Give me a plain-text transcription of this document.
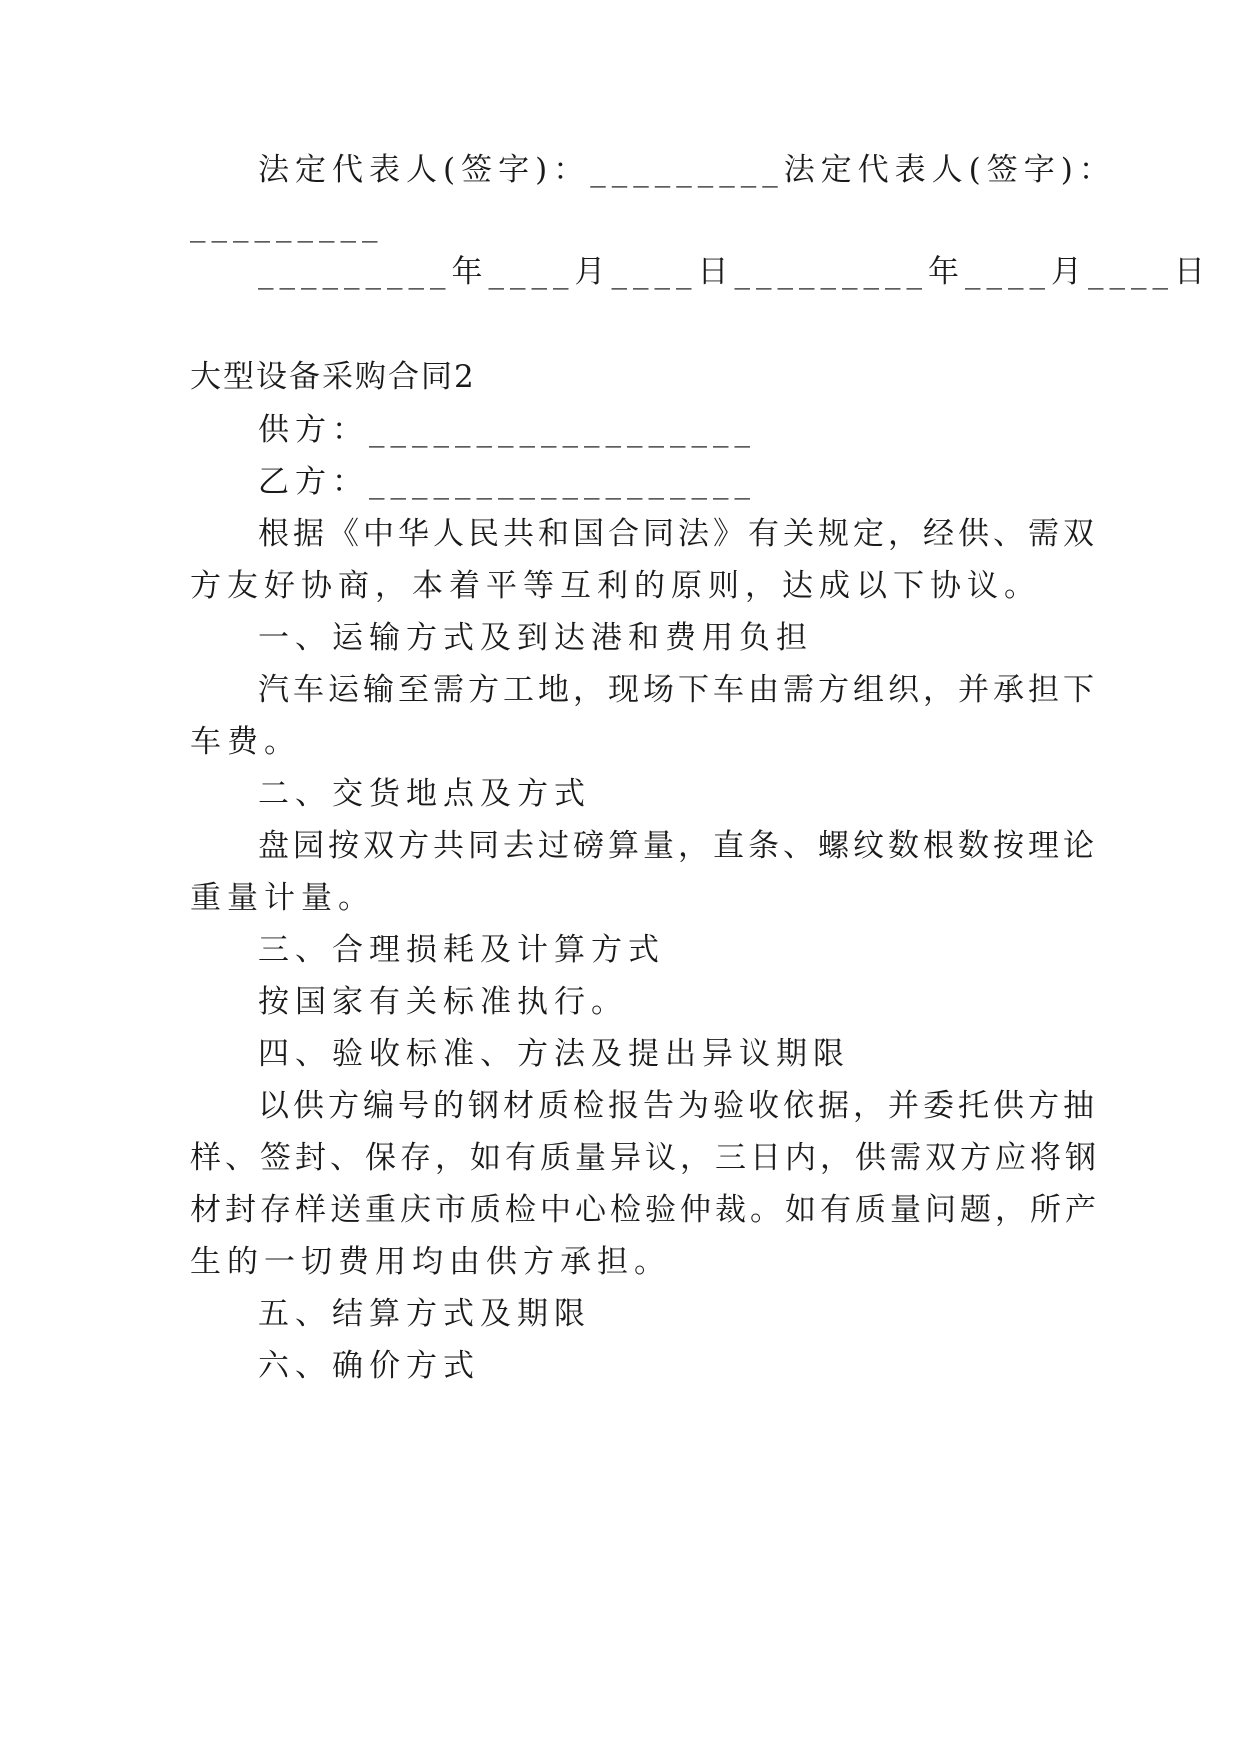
法定代表人(签字)：_________法定代表人(签字)：
_________
_________年____月____日_________年____月____日
大型设备采购合同2
供方：__________________
乙方：__________________
根据《中华人民共和国合同法》有关规定，经供、需双
方友好协商，本着平等互利的原则，达成以下协议。
一、运输方式及到达港和费用负担
汽车运输至需方工地，现场下车由需方组织，并承担下
车费。
二、交货地点及方式
盘园按双方共同去过磅算量，直条、螺纹数根数按理论
重量计量。
三、合理损耗及计算方式
按国家有关标准执行。
四、验收标准、方法及提出异议期限
以供方编号的钢材质检报告为验收依据，并委托供方抽
样、签封、保存，如有质量异议，三日内，供需双方应将钢
材封存样送重庆市质检中心检验仲裁。如有质量问题，所产
生的一切费用均由供方承担。
五、结算方式及期限
六、确价方式
